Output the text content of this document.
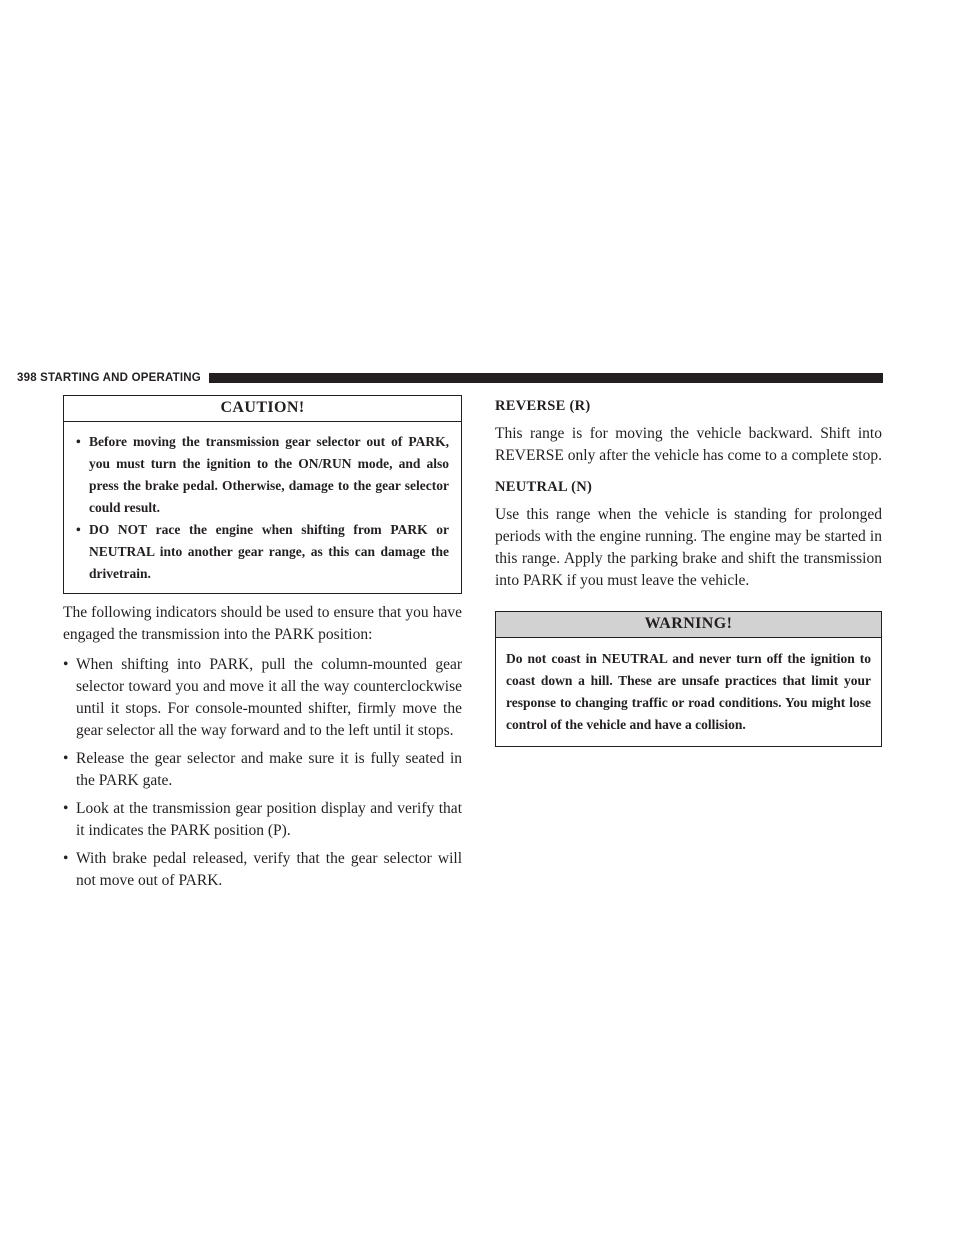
398 STARTING AND OPERATING
CAUTION!
• Before moving the transmission gear selector out of PARK, you must turn the ignition to the ON/RUN mode, and also press the brake pedal. Otherwise, damage to the gear selector could result.
• DO NOT race the engine when shifting from PARK or NEUTRAL into another gear range, as this can damage the drivetrain.

The following indicators should be used to ensure that you have engaged the transmission into the PARK position:

• When shifting into PARK, pull the column-mounted gear selector toward you and move it all the way counterclockwise until it stops. For console-mounted shifter, firmly move the gear selector all the way forward and to the left until it stops.
• Release the gear selector and make sure it is fully seated in the PARK gate.
• Look at the transmission gear position display and verify that it indicates the PARK position (P).
• With brake pedal released, verify that the gear selector will not move out of PARK.

REVERSE (R)

This range is for moving the vehicle backward. Shift into REVERSE only after the vehicle has come to a complete stop.

NEUTRAL (N)

Use this range when the vehicle is standing for prolonged periods with the engine running. The engine may be started in this range. Apply the parking brake and shift the transmission into PARK if you must leave the vehicle.

WARNING!
Do not coast in NEUTRAL and never turn off the ignition to coast down a hill. These are unsafe practices that limit your response to changing traffic or road conditions. You might lose control of the vehicle and have a collision.
